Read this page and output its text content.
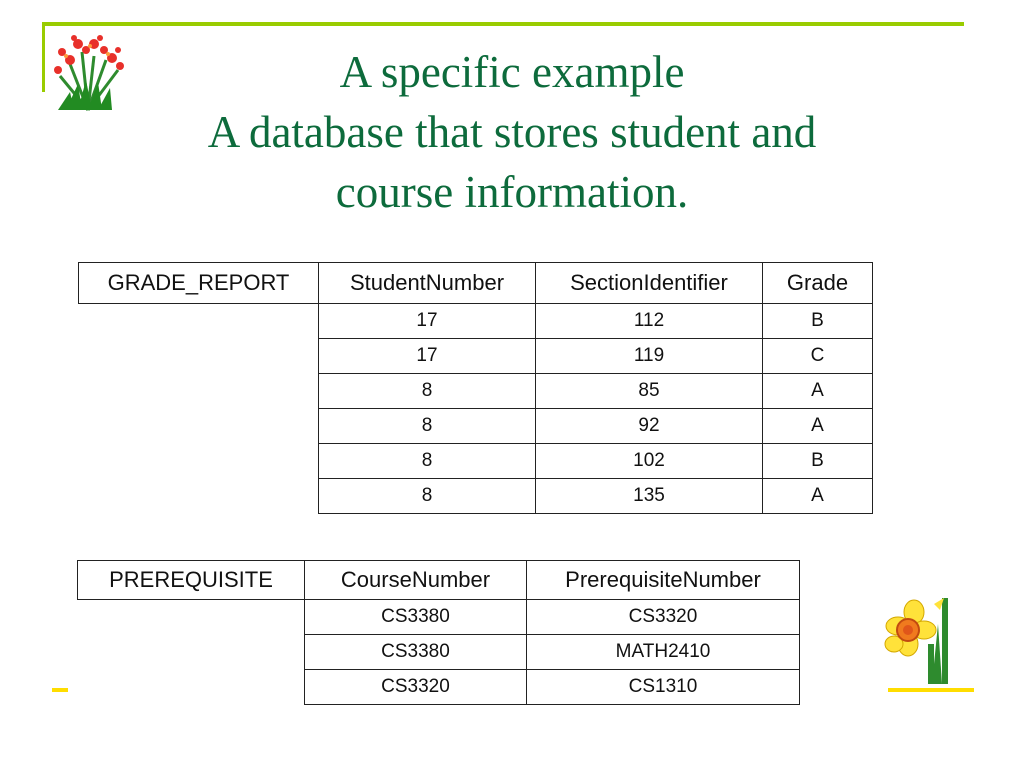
A specific example
A database that stores student and
course information.
GRADE_REPORT	StudentNumber	SectionIdentifier	Grade
	17	112	B
	17	119	C
	8	85	A
	8	92	A
	8	102	B
	8	135	A
PREREQUISITE	CourseNumber	PrerequisiteNumber
	CS3380	CS3320
	CS3380	MATH2410
	CS3320	CS1310
